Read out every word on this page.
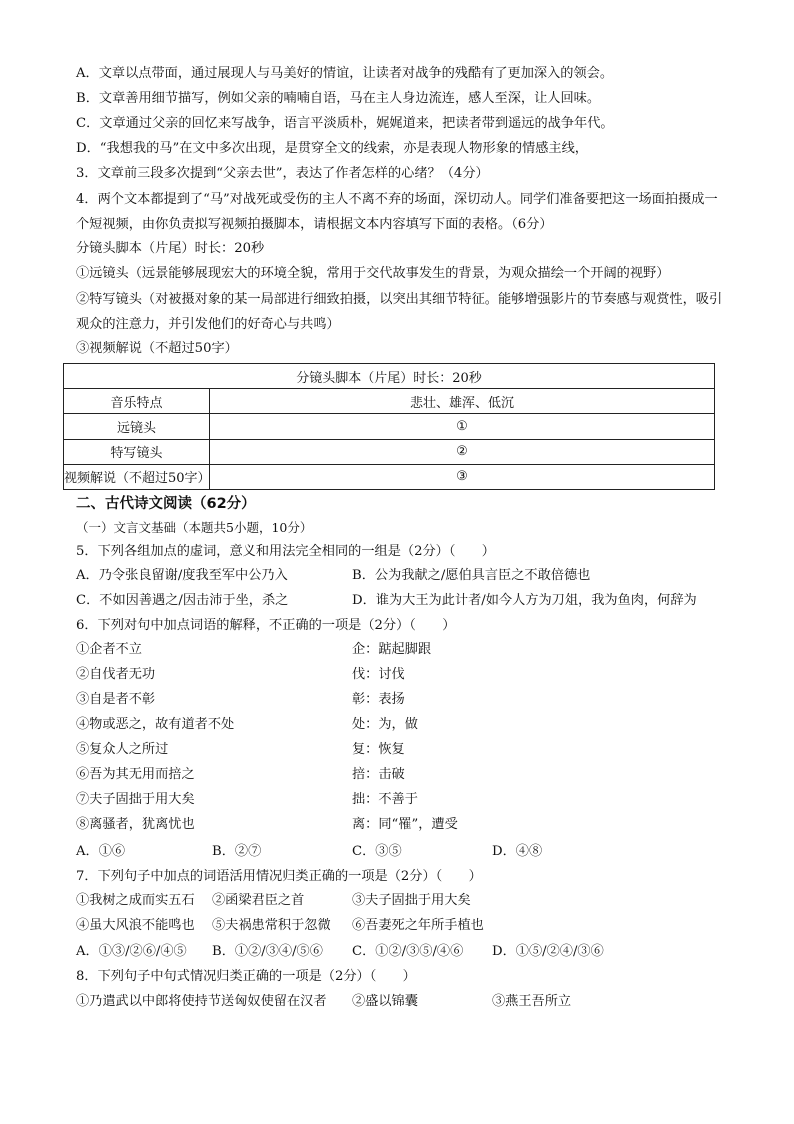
A．文章以点带面，通过展现人与马美好的情谊，让读者对战争的残酷有了更加深入的领会。
B．文章善用细节描写，例如父亲的喃喃自语，马在主人身边流连，感人至深，让人回味。
C．文章通过父亲的回忆来写战争，语言平淡质朴，娓娓道来，把读者带到遥远的战争年代。
D．“我想我的马”在文中多次出现，是贯穿全文的线索，亦是表现人物形象的情感主线，
3．文章前三段多次提到“父亲去世”，表达了作者怎样的心绪？（4分）
4．两个文本都提到了“马”对战死或受伤的主人不离不弃的场面，深切动人。同学们准备要把这一场面拍摄成一个短视频，由你负责拟写视频拍摄脚本，请根据文本内容填写下面的表格。（6分）
分镜头脚本（片尾）时长：20秒
①远镜头（远景能够展现宏大的环境全貌，常用于交代故事发生的背景，为观众描绘一个开阔的视野）
②特写镜头（对被摄对象的某一局部进行细致拍摄，以突出其细节特征。能够增强影片的节奏感与观赏性，吸引观众的注意力，并引发他们的好奇心与共鸣）
③视频解说（不超过50字）
分镜头脚本（片尾）时长：20秒	
音乐特点	悲壮、雄浑、低沉
远镜头	①
特写镜头	②
视频解说（不超过50字）	③
二、古代诗文阅读（62分）
（一）文言文基础（本题共5小题，10分）
5．下列各组加点的虚词，意义和用法完全相同的一组是（2分）（　　）
A．乃令张良留谢/度我至军中公乃入	B．公为我献之/愿伯具言臣之不敢倍德也
C．不如因善遇之/因击沛于坐，杀之	D．谁为大王为此计者/如今人方为刀俎，我为鱼肉，何辞为
6．下列对句中加点词语的解释，不正确的一项是（2分）（　　）
①企者不立	企：踮起脚跟
②自伐者无功	伐：讨伐
③自是者不彰	彰：表扬
④物或恶之，故有道者不处	处：为，做
⑤复众人之所过	复：恢复
⑥吾为其无用而掊之	掊：击破
⑦夫子固拙于用大矣	拙：不善于
⑧离骚者，犹离忧也	离：同“罹”，遭受
A．①⑥	B．②⑦	C．③⑤	D．④⑧
7．下列句子中加点的词语活用情况归类正确的一项是（2分）（　　）
①我树之成而实五石 ②函梁君臣之首	③夫子固拙于用大矣
④虽大风浪不能鸣也 ⑤夫祸患常积于忽微 ⑥吾妻死之年所手植也
A．①③/②⑥/④⑤ B．①②/③④/⑤⑥ C．①②/③⑤/④⑥ D．①⑤/②④/③⑥
8．下列句子中句式情况归类正确的一项是（2分）（　　）
①乃遣武以中郎将使持节送匈奴使留在汉者 ②盛以锦囊	③燕王吾所立
